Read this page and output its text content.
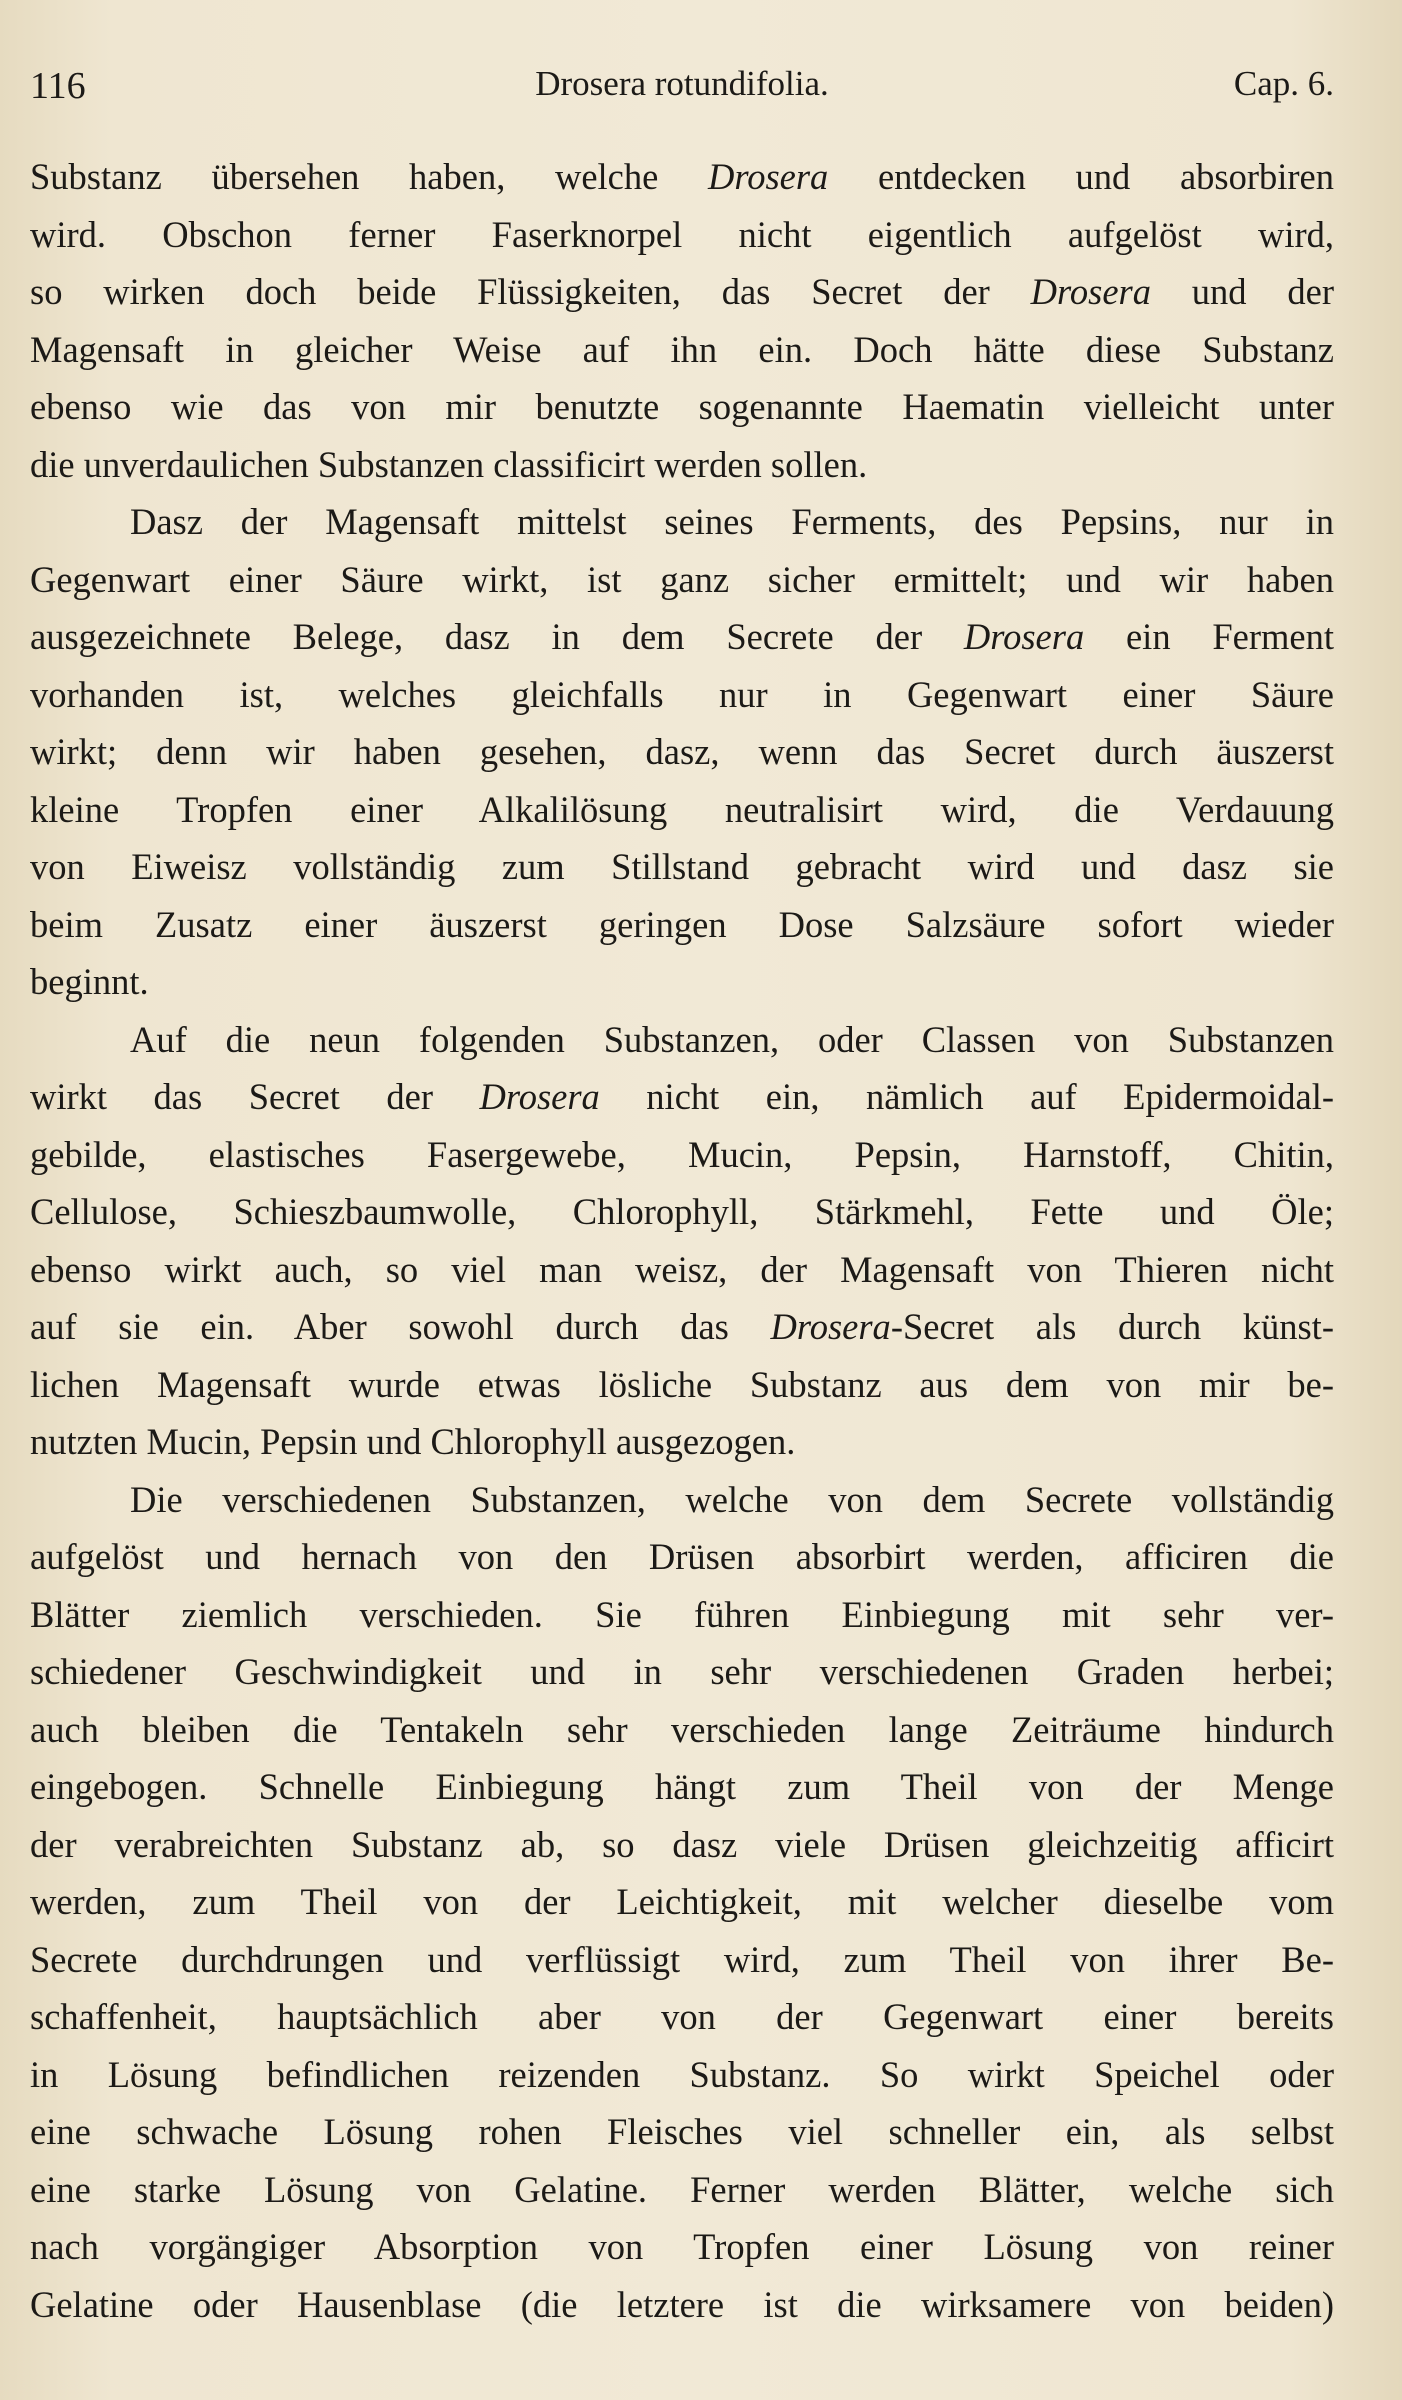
116	Drosera rotundifolia.	Cap. 6.
Substanz übersehen haben, welche Drosera entdecken und absorbiren
wird. Obschon ferner Faserknorpel nicht eigentlich aufgelöst wird,
so wirken doch beide Flüssigkeiten, das Secret der Drosera und der
Magensaft in gleicher Weise auf ihn ein. Doch hätte diese Substanz
ebenso wie das von mir benutzte sogenannte Haematin vielleicht unter
die unverdaulichen Substanzen classificirt werden sollen.
Dasz der Magensaft mittelst seines Ferments, des Pepsins, nur in
Gegenwart einer Säure wirkt, ist ganz sicher ermittelt; und wir haben
ausgezeichnete Belege, dasz in dem Secrete der Drosera ein Ferment
vorhanden ist, welches gleichfalls nur in Gegenwart einer Säure
wirkt; denn wir haben gesehen, dasz, wenn das Secret durch äuszerst
kleine Tropfen einer Alkalilösung neutralisirt wird, die Verdauung
von Eiweisz vollständig zum Stillstand gebracht wird und dasz sie
beim Zusatz einer äuszerst geringen Dose Salzsäure sofort wieder
beginnt.
Auf die neun folgenden Substanzen, oder Classen von Substanzen
wirkt das Secret der Drosera nicht ein, nämlich auf Epidermoidal-
gebilde, elastisches Fasergewebe, Mucin, Pepsin, Harnstoff, Chitin,
Cellulose, Schieszbaumwolle, Chlorophyll, Stärkmehl, Fette und Öle;
ebenso wirkt auch, so viel man weisz, der Magensaft von Thieren nicht
auf sie ein. Aber sowohl durch das Drosera-Secret als durch künst-
lichen Magensaft wurde etwas lösliche Substanz aus dem von mir be-
nutzten Mucin, Pepsin und Chlorophyll ausgezogen.
Die verschiedenen Substanzen, welche von dem Secrete vollständig
aufgelöst und hernach von den Drüsen absorbirt werden, afficiren die
Blätter ziemlich verschieden. Sie führen Einbiegung mit sehr ver-
schiedener Geschwindigkeit und in sehr verschiedenen Graden herbei;
auch bleiben die Tentakeln sehr verschieden lange Zeiträume hindurch
eingebogen. Schnelle Einbiegung hängt zum Theil von der Menge
der verabreichten Substanz ab, so dasz viele Drüsen gleichzeitig afficirt
werden, zum Theil von der Leichtigkeit, mit welcher dieselbe vom
Secrete durchdrungen und verflüssigt wird, zum Theil von ihrer Be-
schaffenheit, hauptsächlich aber von der Gegenwart einer bereits
in Lösung befindlichen reizenden Substanz. So wirkt Speichel oder
eine schwache Lösung rohen Fleisches viel schneller ein, als selbst
eine starke Lösung von Gelatine. Ferner werden Blätter, welche sich
nach vorgängiger Absorption von Tropfen einer Lösung von reiner
Gelatine oder Hausenblase (die letztere ist die wirksamere von beiden)
